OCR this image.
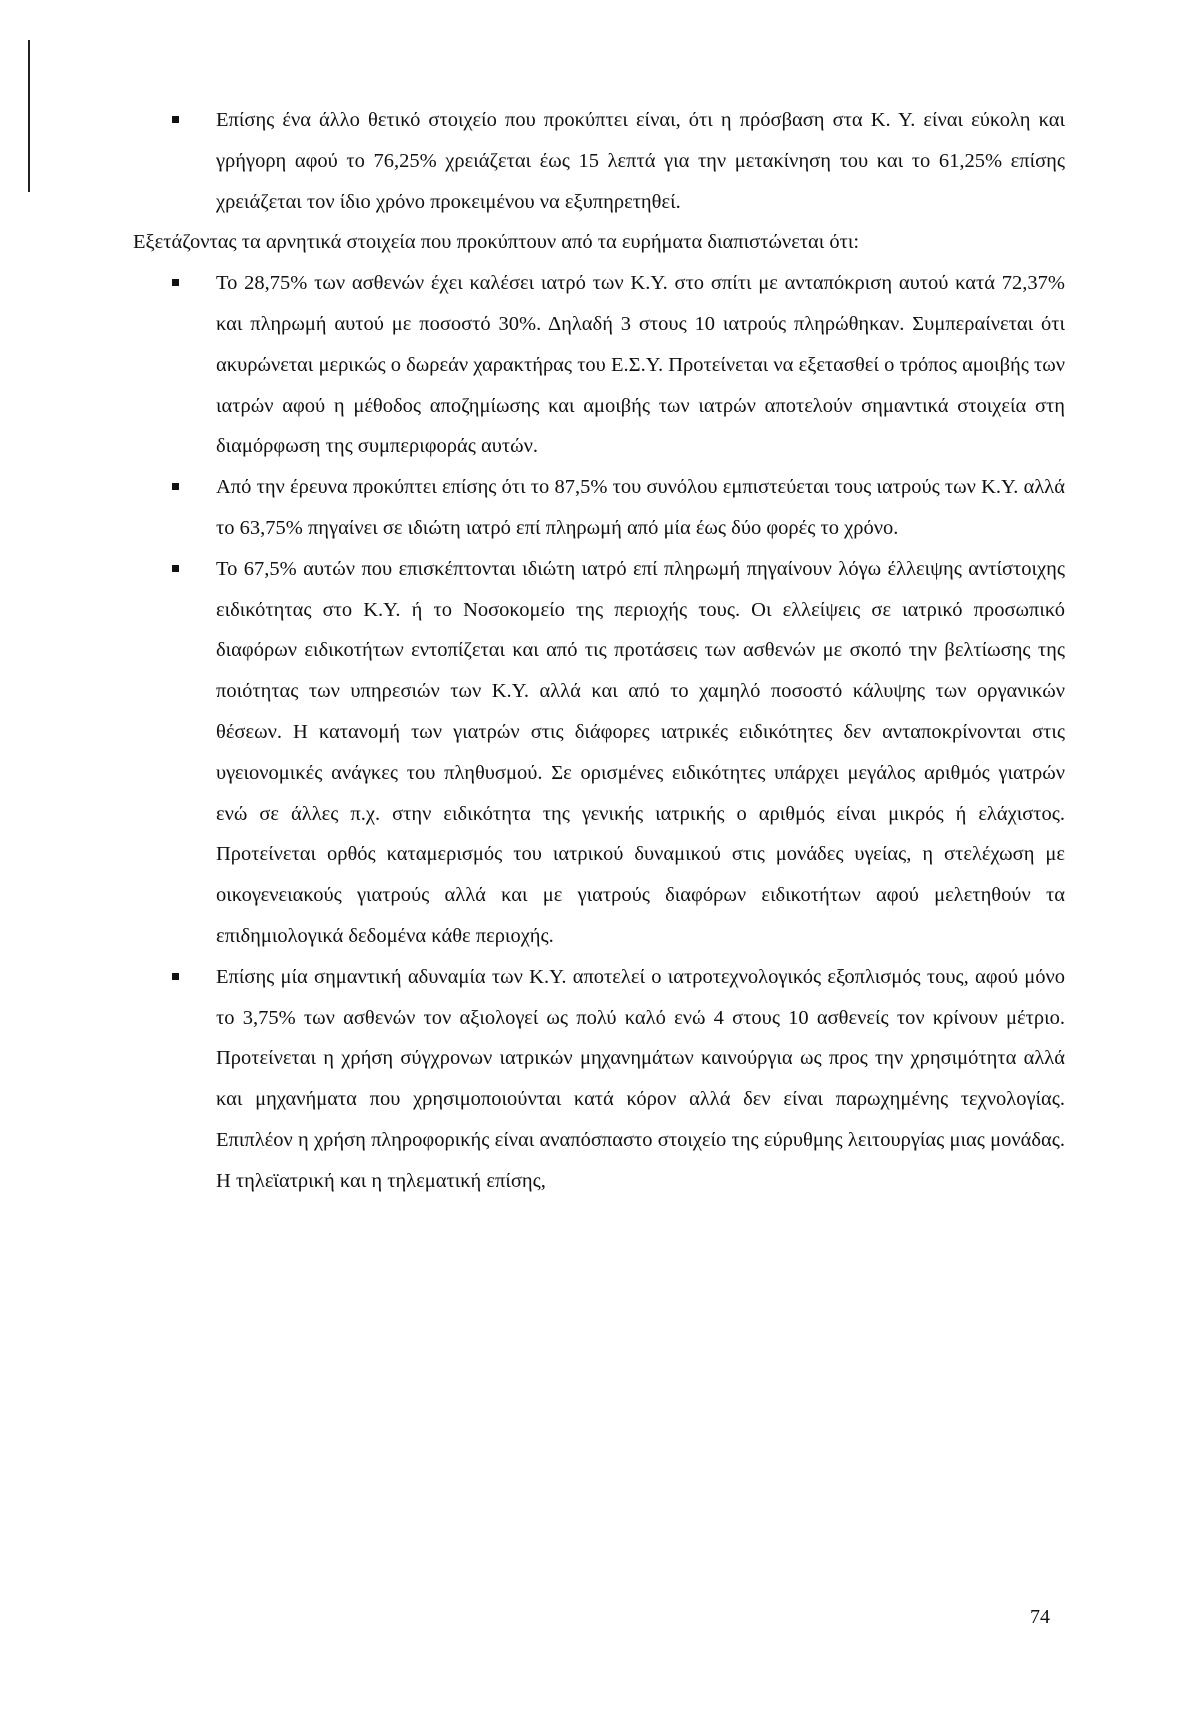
Επίσης ένα άλλο θετικό στοιχείο που προκύπτει είναι, ότι η πρόσβαση στα Κ. Υ. είναι εύκολη και γρήγορη αφού το 76,25% χρειάζεται έως 15 λεπτά για την μετακίνηση του και το 61,25% επίσης χρειάζεται τον ίδιο χρόνο προκειμένου να εξυπηρετηθεί.
Εξετάζοντας τα αρνητικά στοιχεία που προκύπτουν από τα ευρήματα διαπιστώνεται ότι:
Το 28,75% των ασθενών έχει καλέσει ιατρό των Κ.Υ. στο σπίτι με ανταπόκριση αυτού κατά 72,37% και πληρωμή αυτού με ποσοστό 30%. Δηλαδή 3 στους 10 ιατρούς πληρώθηκαν. Συμπεραίνεται ότι ακυρώνεται μερικώς ο δωρεάν χαρακτήρας του Ε.Σ.Υ. Προτείνεται να εξετασθεί ο τρόπος αμοιβής των ιατρών αφού η μέθοδος αποζημίωσης και αμοιβής των ιατρών αποτελούν σημαντικά στοιχεία στη διαμόρφωση της συμπεριφοράς αυτών.
Από την έρευνα προκύπτει επίσης ότι το 87,5% του συνόλου εμπιστεύεται τους ιατρούς των Κ.Υ. αλλά το 63,75% πηγαίνει σε ιδιώτη ιατρό επί πληρωμή από μία έως δύο φορές το χρόνο.
Το 67,5% αυτών που επισκέπτονται ιδιώτη ιατρό επί πληρωμή πηγαίνουν λόγω έλλειψης αντίστοιχης ειδικότητας στο Κ.Υ. ή το Νοσοκομείο της περιοχής τους. Οι ελλείψεις σε ιατρικό προσωπικό διαφόρων ειδικοτήτων εντοπίζεται και από τις προτάσεις των ασθενών με σκοπό την βελτίωσης της ποιότητας των υπηρεσιών των Κ.Υ. αλλά και από το χαμηλό ποσοστό κάλυψης των οργανικών θέσεων. Η κατανομή των γιατρών στις διάφορες ιατρικές ειδικότητες δεν ανταποκρίνονται στις υγειονομικές ανάγκες του πληθυσμού. Σε ορισμένες ειδικότητες υπάρχει μεγάλος αριθμός γιατρών ενώ σε άλλες π.χ. στην ειδικότητα της γενικής ιατρικής ο αριθμός είναι μικρός ή ελάχιστος. Προτείνεται ορθός καταμερισμός του ιατρικού δυναμικού στις μονάδες υγείας, η στελέχωση με οικογενειακούς γιατρούς αλλά και με γιατρούς διαφόρων ειδικοτήτων αφού μελετηθούν τα επιδημιολογικά δεδομένα κάθε περιοχής.
Επίσης μία σημαντική αδυναμία των Κ.Υ. αποτελεί ο ιατροτεχνολογικός εξοπλισμός τους, αφού μόνο το 3,75% των ασθενών τον αξιολογεί ως πολύ καλό ενώ 4 στους 10 ασθενείς τον κρίνουν μέτριο. Προτείνεται η χρήση σύγχρονων ιατρικών μηχανημάτων καινούργια ως προς την χρησιμότητα αλλά και μηχανήματα που χρησιμοποιούνται κατά κόρον αλλά δεν είναι παρωχημένης τεχνολογίας. Επιπλέον η χρήση πληροφορικής είναι αναπόσπαστο στοιχείο της εύρυθμης λειτουργίας μιας μονάδας. Η τηλεϊατρική και η τηλεματική επίσης,
74
